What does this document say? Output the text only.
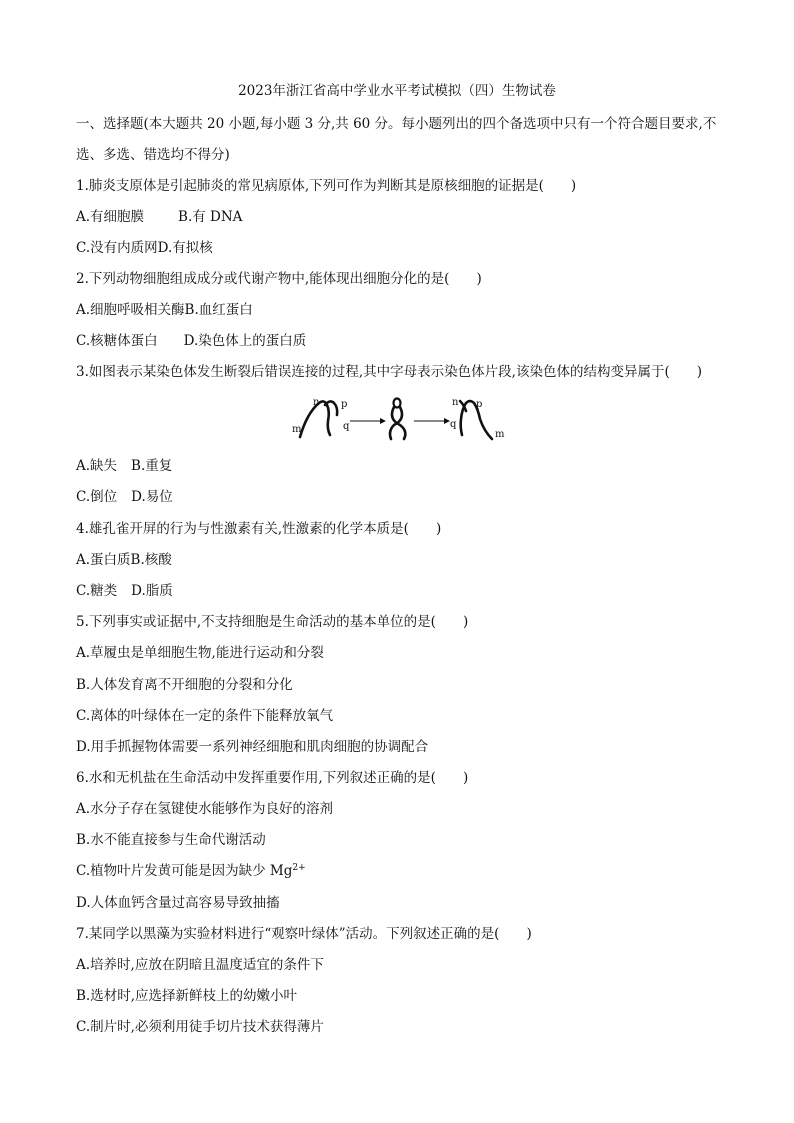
2023年浙江省高中学业水平考试模拟（四）生物试卷
一、选择题(本大题共 20 小题,每小题 3 分,共 60 分。每小题列出的四个备选项中只有一个符合题目要求,不
选、多选、错选均不得分)
1.肺炎支原体是引起肺炎的常见病原体,下列可作为判断其是原核细胞的证据是(　　)
A.有细胞膜	B.有 DNA
C.没有内质网D.有拟核
2.下列动物细胞组成成分或代谢产物中,能体现出细胞分化的是(　　)
A.细胞呼吸相关酶B.血红蛋白
C.核糖体蛋白 D.染色体上的蛋白质
3.如图表示某染色体发生断裂后错误连接的过程,其中字母表示染色体片段,该染色体的结构变异属于(　　)
n p
m	q
n p
q
m
A.缺失 B.重复
C.倒位 D.易位
4.雄孔雀开屏的行为与性激素有关,性激素的化学本质是(　　)
A.蛋白质B.核酸
C.糖类 D.脂质
5.下列事实或证据中,不支持细胞是生命活动的基本单位的是(　　)
A.草履虫是单细胞生物,能进行运动和分裂
B.人体发育离不开细胞的分裂和分化
C.离体的叶绿体在一定的条件下能释放氧气
D.用手抓握物体需要一系列神经细胞和肌肉细胞的协调配合
6.水和无机盐在生命活动中发挥重要作用,下列叙述正确的是(　　)
A.水分子存在氢键使水能够作为良好的溶剂
B.水不能直接参与生命代谢活动
C.植物叶片发黄可能是因为缺少 $Mg^{2+}$
D.人体血钙含量过高容易导致抽搐
7.某同学以黑藻为实验材料进行“观察叶绿体”活动。下列叙述正确的是(　　)
A.培养时,应放在阴暗且温度适宜的条件下
B.选材时,应选择新鲜枝上的幼嫩小叶
C.制片时,必须利用徒手切片技术获得薄片
